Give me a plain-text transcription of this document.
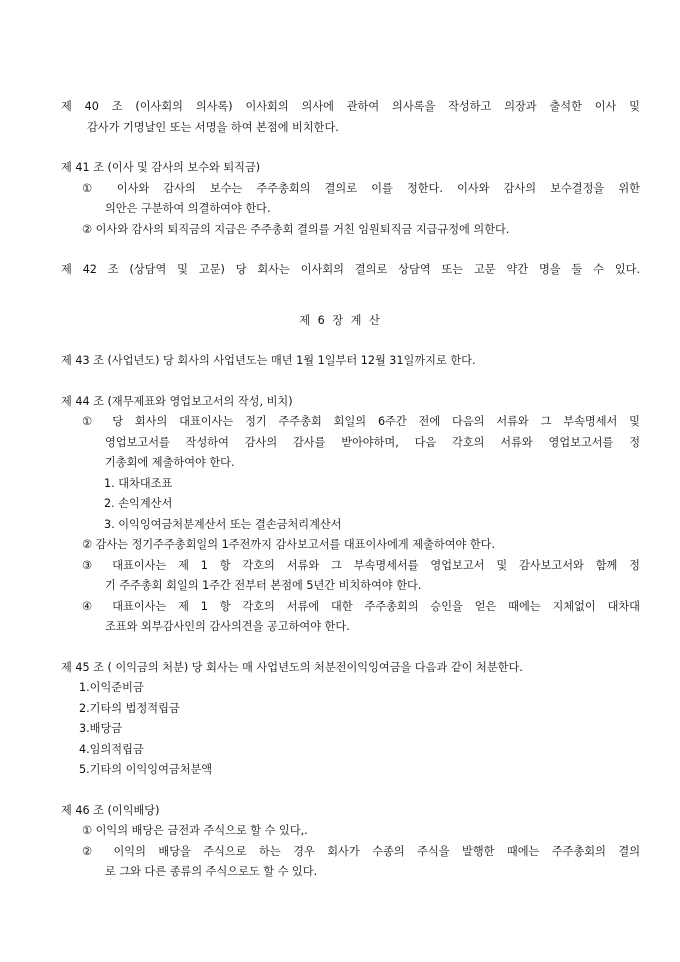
제 40 조 (이사회의 의사록) 이사회의 의사에 관하여 의사록을 작성하고 의장과 출석한 이사 및
감사가 기명날인 또는 서명을 하여 본점에 비치한다.
제 41 조 (이사 및 감사의 보수와 퇴직금)
① 이사와 감사의 보수는 주주총회의 결의로 이를 정한다. 이사와 감사의 보수결정을 위한
의안은 구분하여 의결하여야 한다.
② 이사와 감사의 퇴직금의 지급은 주주총회 결의를 거친 임원퇴직금 지급규정에 의한다.
제 42 조 (상담역 및 고문) 당 회사는 이사회의 결의로 상담역 또는 고문 약간 명을 둘 수 있다.
제 6 장 계 산
제 43 조 (사업년도) 당 회사의 사업년도는 매년 1월 1일부터 12월 31일까지로 한다.
제 44 조 (재무제표와 영업보고서의 작성, 비치)
① 당 회사의 대표이사는 정기 주주총회 회일의 6주간 전에 다음의 서류와 그 부속명세서 및
영업보고서를 작성하여 감사의 감사를 받아야하며, 다음 각호의 서류와 영업보고서를 정
기총회에 제출하여야 한다.
1. 대차대조표
2. 손익계산서
3. 이익잉여금처분계산서 또는 결손금처리계산서
② 감사는 정기주주총회일의 1주전까지 감사보고서를 대표이사에게 제출하여야 한다.
③ 대표이사는 제 1 항 각호의 서류와 그 부속명세서를 영업보고서 및 감사보고서와 함께 정
기 주주총회 회일의 1주간 전부터 본점에 5년간 비치하여야 한다.
④ 대표이사는 제 1 항 각호의 서류에 대한 주주총회의 승인을 얻은 때에는 지체없이 대차대
조표와 외부감사인의 감사의견을 공고하여야 한다.
제 45 조 ( 이익금의 처분) 당 회사는 매 사업년도의 처분전이익잉여금을 다음과 같이 처분한다.
1.이익준비금
2.기타의 법정적립금
3.배당금
4.임의적립금
5.기타의 이익잉여금처분액
제 46 조 (이익배당)
① 이익의 배당은 금전과 주식으로 할 수 있다,.
② 이익의 배당을 주식으로 하는 경우 회사가 수종의 주식을 발행한 때에는 주주총회의 결의
로 그와 다른 종류의 주식으로도 할 수 있다.
